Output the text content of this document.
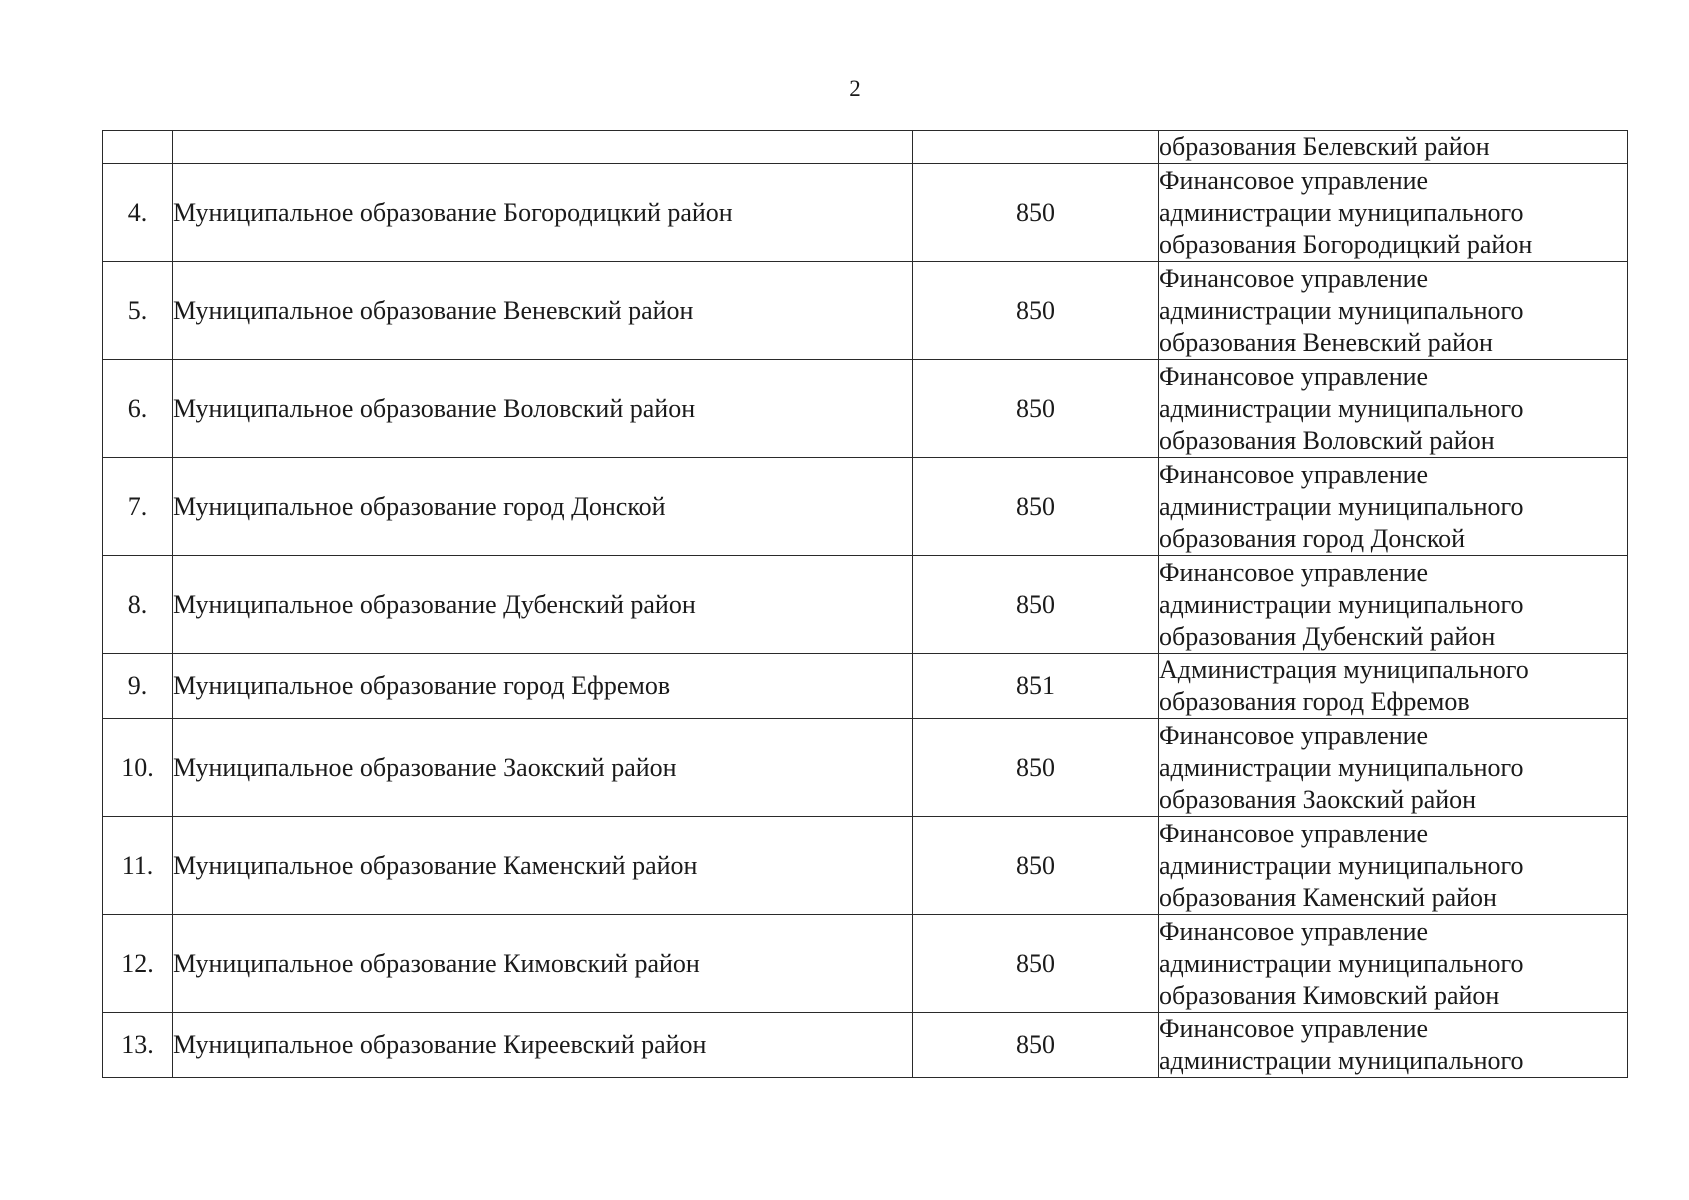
2

			образования Белевский район

4.	Муниципальное образование Богородицкий район	850	Финансовое управление
администрации муниципального
образования Богородицкий район

5.	Муниципальное образование Веневский район	850	Финансовое управление
администрации муниципального
образования Веневский район

6.	Муниципальное образование Воловский район	850	Финансовое управление
администрации муниципального
образования Воловский район

7.	Муниципальное образование город Донской	850	Финансовое управление
администрации муниципального
образования город Донской

8.	Муниципальное образование Дубенский район	850	Финансовое управление
администрации муниципального
образования Дубенский район

9.	Муниципальное образование город Ефремов	851	Администрация муниципального
образования город Ефремов

10.	Муниципальное образование Заокский район	850	Финансовое управление
администрации муниципального
образования Заокский район

11.	Муниципальное образование Каменский район	850	Финансовое управление
администрации муниципального
образования Каменский район

12.	Муниципальное образование Кимовский район	850	Финансовое управление
администрации муниципального
образования Кимовский район

13.	Муниципальное образование Киреевский район	850	Финансовое управление
администрации муниципального
